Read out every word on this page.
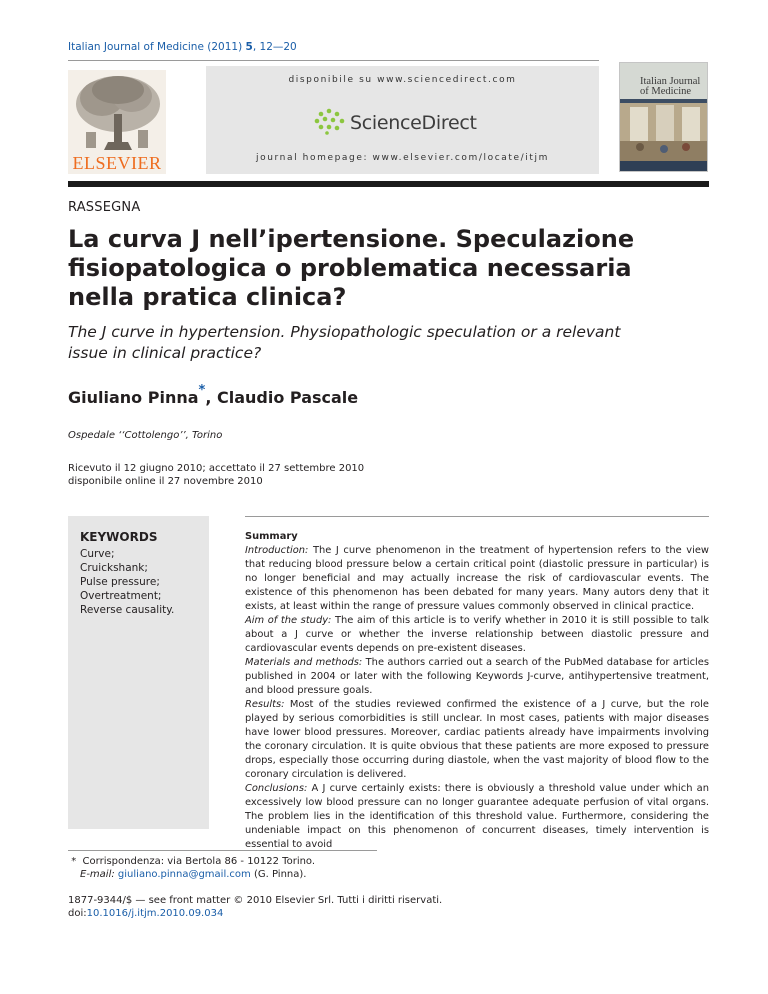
Italian Journal of Medicine (2011) 5, 12—20
ELSEVIER
disponibile su www.sciencedirect.com
ScienceDirect
journal homepage: www.elsevier.com/locate/itjm
Italian Journal of Medicine
RASSEGNA
La curva J nell’ipertensione. Speculazione fisiopatologica o problematica necessaria nella pratica clinica?
The J curve in hypertension. Physiopathologic speculation or a relevant issue in clinical practice?
Giuliano Pinna*, Claudio Pascale
Ospedale ‘‘Cottolengo’’, Torino
Ricevuto il 12 giugno 2010; accettato il 27 settembre 2010
disponibile online il 27 novembre 2010
KEYWORDS
Curve;
Cruickshank;
Pulse pressure;
Overtreatment;
Reverse causality.
Summary

Introduction: The J curve phenomenon in the treatment of hypertension refers to the view that reducing blood pressure below a certain critical point (diastolic pressure in particular) is no longer beneficial and may actually increase the risk of cardiovascular events. The existence of this phenomenon has been debated for many years. Many autors deny that it exists, at least within the range of pressure values commonly observed in clinical practice.

Aim of the study: The aim of this article is to verify whether in 2010 it is still possible to talk about a J curve or whether the inverse relationship between diastolic pressure and cardiovascular events depends on pre-existent diseases.

Materials and methods: The authors carried out a search of the PubMed database for articles published in 2004 or later with the following Keywords J-curve, antihypertensive treatment, and blood pressure goals.

Results: Most of the studies reviewed confirmed the existence of a J curve, but the role played by serious comorbidities is still unclear. In most cases, patients with major diseases have lower blood pressures. Moreover, cardiac patients already have impairments involving the coronary circulation. It is quite obvious that these patients are more exposed to pressure drops, especially those occurring during diastole, when the vast majority of blood flow to the coronary circulation is delivered.

Conclusions: A J curve certainly exists: there is obviously a threshold value under which an excessively low blood pressure can no longer guarantee adequate perfusion of vital organs. The problem lies in the identification of this threshold value. Furthermore, considering the undeniable impact on this phenomenon of concurrent diseases, timely intervention is essential to avoid

* Corrispondenza: via Bertola 86 - 10122 Torino.
E-mail: giuliano.pinna@gmail.com (G. Pinna).
1877-9344/$ — see front matter © 2010 Elsevier Srl. Tutti i diritti riservati.
doi:10.1016/j.itjm.2010.09.034
